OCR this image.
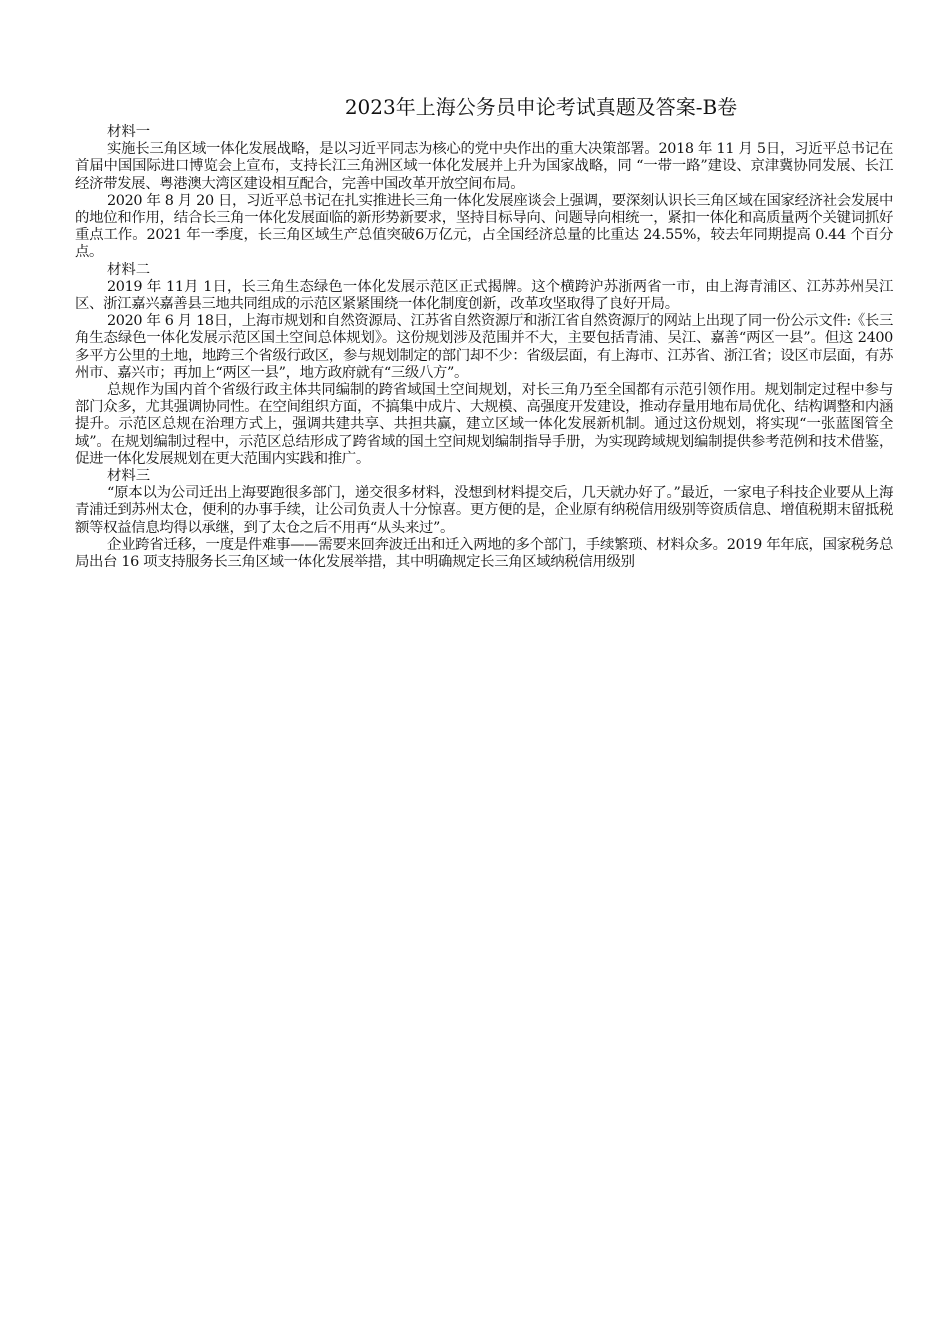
2023年上海公务员申论考试真题及答案-B卷

材料一

实施长三角区域一体化发展战略，是以习近平同志为核心的党中央作出的重大决策部署。2018 年 11 月 5日，习近平总书记在首届中国国际进口博览会上宣布，支持长江三角洲区域一体化发展并上升为国家战略，同 “一带一路”建设、京津冀协同发展、长江经济带发展、粤港澳大湾区建设相互配合，完善中国改革开放空间布局。

2020 年 8 月 20 日，习近平总书记在扎实推进长三角一体化发展座谈会上强调，要深刻认识长三角区域在国家经济社会发展中的地位和作用，结合长三角一体化发展面临的新形势新要求，坚持目标导向、问题导向相统一，紧扣一体化和高质量两个关键词抓好重点工作。2021 年一季度，长三角区域生产总值突破6万亿元，占全国经济总量的比重达 24.55%，较去年同期提高 0.44 个百分点。

材料二

2019 年 11月 1日，长三角生态绿色一体化发展示范区正式揭牌。这个横跨沪苏浙两省一市，由上海青浦区、江苏苏州吴江区、浙江嘉兴嘉善县三地共同组成的示范区紧紧围绕一体化制度创新，改革攻坚取得了良好开局。

2020 年 6 月 18日，上海市规划和自然资源局、江苏省自然资源厅和浙江省自然资源厅的网站上出现了同一份公示文件:《长三角生态绿色一体化发展示范区国土空间总体规划》。这份规划涉及范围并不大，主要包括青浦、吴江、嘉善“两区一县”。但这 2400 多平方公里的土地，地跨三个省级行政区，参与规划制定的部门却不少：省级层面，有上海市、江苏省、浙江省；设区市层面，有苏州市、嘉兴市；再加上“两区一县”，地方政府就有“三级八方”。

总规作为国内首个省级行政主体共同编制的跨省域国土空间规划，对长三角乃至全国都有示范引领作用。规划制定过程中参与部门众多，尤其强调协同性。在空间组织方面，不搞集中成片、大规模、高强度开发建设，推动存量用地布局优化、结构调整和内涵提升。示范区总规在治理方式上，强调共建共享、共担共赢，建立区域一体化发展新机制。通过这份规划，将实现“一张蓝图管全域”。在规划编制过程中，示范区总结形成了跨省域的国土空间规划编制指导手册，为实现跨域规划编制提供参考范例和技术借鉴，促进一体化发展规划在更大范围内实践和推广。

材料三

“原本以为公司迁出上海要跑很多部门，递交很多材料，没想到材料提交后，几天就办好了。”最近，一家电子科技企业要从上海青浦迁到苏州太仓，便利的办事手续，让公司负责人十分惊喜。更方便的是，企业原有纳税信用级别等资质信息、增值税期末留抵税额等权益信息均得以承继，到了太仓之后不用再“从头来过”。

企业跨省迁移，一度是件难事——需要来回奔波迁出和迁入两地的多个部门，手续繁琐、材料众多。2019 年年底，国家税务总局出台 16 项支持服务长三角区域一体化发展举措，其中明确规定长三角区域纳税信用级别
